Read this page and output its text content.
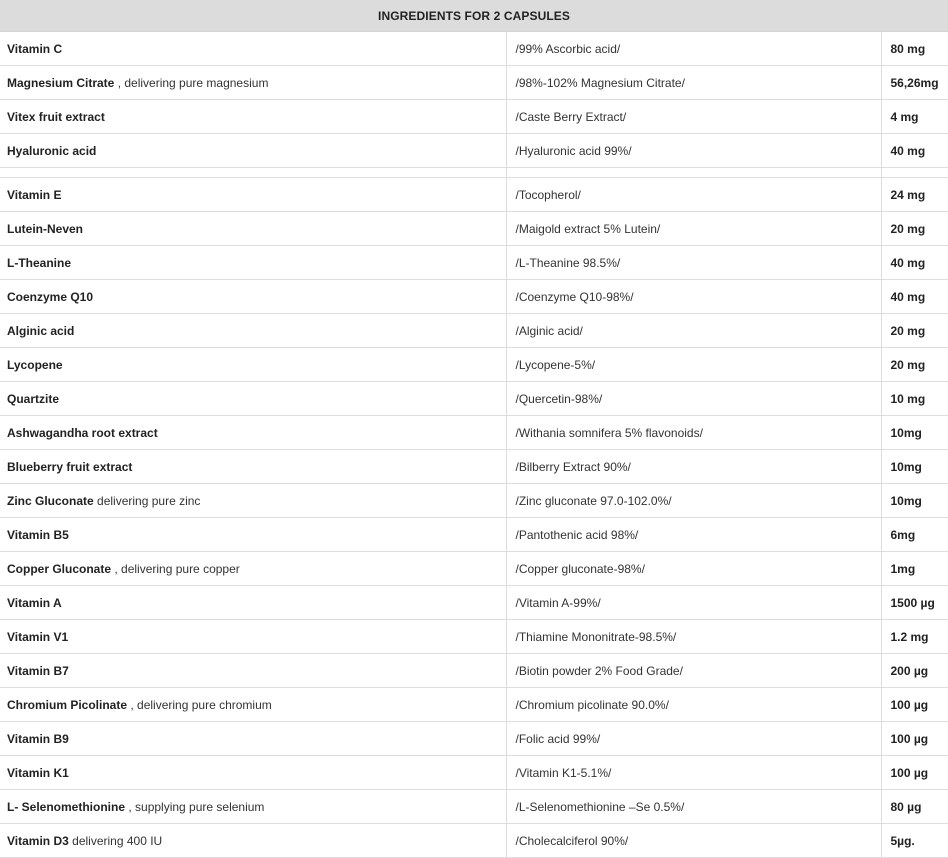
INGREDIENTS FOR 2 CAPSULES		
Vitamin C	/99% Ascorbic acid/	80 mg
Magnesium Citrate , delivering pure magnesium	/98%-102% Magnesium Citrate/	56,26mg
Vitex fruit extract	/Caste Berry Extract/	4 mg
Hyaluronic acid	/Hyaluronic acid 99%/	40 mg

Vitamin E	/Tocopherol/	24 mg
Lutein-Neven	/Maigold extract 5% Lutein/	20 mg
L-Theanine	/L-Theanine 98.5%/	40 mg
Coenzyme Q10	/Coenzyme Q10-98%/	40 mg
Alginic acid	/Alginic acid/	20 mg
Lycopene	/Lycopene-5%/	20 mg
Quartzite	/Quercetin-98%/	10 mg
Ashwagandha root extract	/Withania somnifera 5% flavonoids/	10mg
Blueberry fruit extract	/Bilberry Extract 90%/	10mg
Zinc Gluconate delivering pure zinc	/Zinc gluconate 97.0-102.0%/	10mg
Vitamin B5	/Pantothenic acid 98%/	6mg
Copper Gluconate , delivering pure copper	/Copper gluconate-98%/	1mg
Vitamin A	/Vitamin A-99%/	1500 µg
Vitamin V1	/Thiamine Mononitrate-98.5%/	1.2 mg
Vitamin B7	/Biotin powder 2% Food Grade/	200 µg
Chromium Picolinate , delivering pure chromium	/Chromium picolinate 90.0%/	100 µg
Vitamin B9	/Folic acid 99%/	100 µg
Vitamin K1	/Vitamin K1-5.1%/	100 µg
L- Selenomethionine , supplying pure selenium	/L-Selenomethionine –Se 0.5%/	80 µg
Vitamin D3 delivering 400 IU	/Cholecalciferol 90%/	5µg.
